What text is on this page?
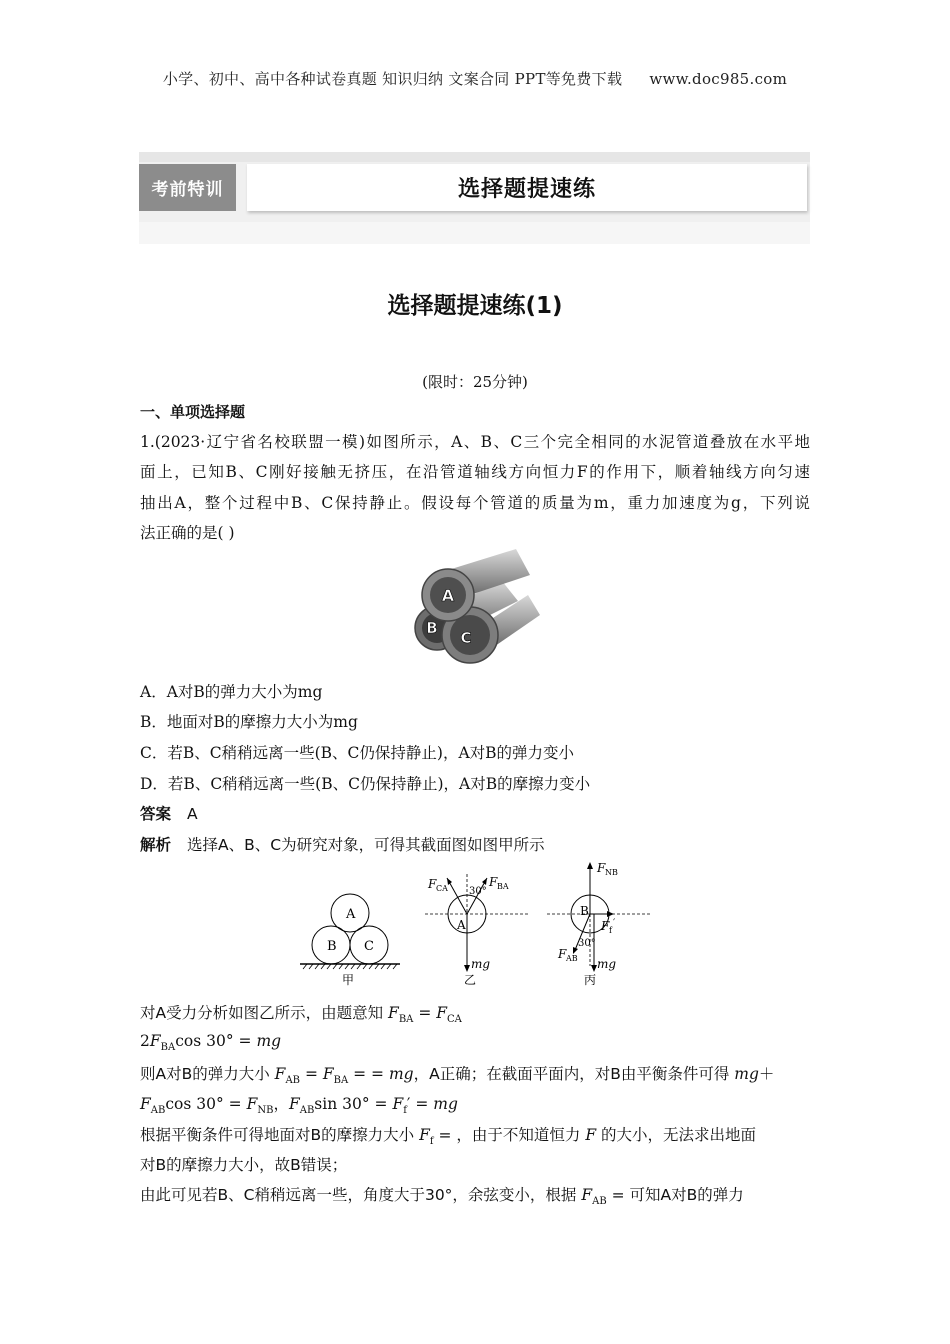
小学、初中、高中各种试卷真题 知识归纳 文案合同 PPT等免费下载 www.doc985.com
考前特训	选择题提速练
选择题提速练(1)
(限时：25分钟)
一、单项选择题
1.(2023·辽宁省名校联盟一模)如图所示，A、B、C三个完全相同的水泥管道叠放在水平地
面上，已知B、C刚好接触无挤压，在沿管道轴线方向恒力F的作用下，顺着轴线方向匀速
抽出A，整个过程中B、C保持静止。假设每个管道的质量为m，重力加速度为g，下列说
法正确的是( )
A
B
C
A．A对B的弹力大小为mg
B．地面对B的摩擦力大小为mg
C．若B、C稍稍远离一些(B、C仍保持静止)，A对B的弹力变小
D．若B、C稍稍远离一些(B、C仍保持静止)，A对B的摩擦力变小
答案 A
解析 选择A、B、C为研究对象，可得其截面图如图甲所示
A
B C
甲
F CA	F BA
30°
A
mg
乙
F NB
B
F f
′
30°
F AB mg
丙
对A受力分析如图乙所示，由题意知 $F_{BA} = F_{CA}$
$2F_{BA}\cos$ 30° = mg
则A对B的弹力大小 $F_{AB} = F_{BA}$ = = mg，A正确；在截面平面内，对B由平衡条件可得 mg＋
$F_{AB}\cos$ $30^\circ = F_{NB}$，$F_{AB}\sin$ $30^\circ = F_f'$ = mg
根据平衡条件可得地面对B的摩擦力大小 $F_f$ = ，由于不知道恒力 F 的大小，无法求出地面
对B的摩擦力大小，故B错误；
由此可见若B、C稍稍远离一些，角度大于30°，余弦变小，根据 $F_{AB}$ = 可知A对B的弹力
